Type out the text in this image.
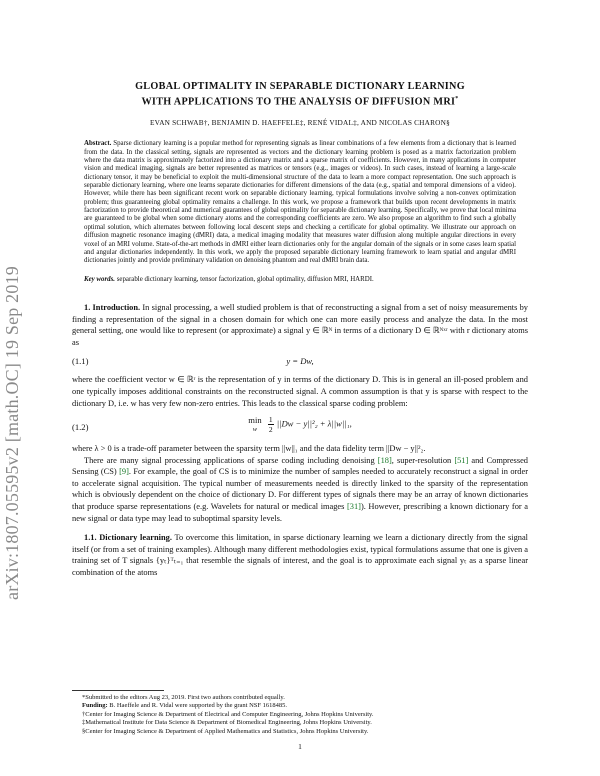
arXiv:1807.05595v2 [math.OC] 19 Sep 2019
GLOBAL OPTIMALITY IN SEPARABLE DICTIONARY LEARNING
WITH APPLICATIONS TO THE ANALYSIS OF DIFFUSION MRI*
EVAN SCHWAB†, BENJAMIN D. HAEFFELE‡, RENÉ VIDAL‡, AND NICOLAS CHARON§
Abstract. Sparse dictionary learning is a popular method for representing signals as linear combinations of a few elements from a dictionary that is learned from the data. In the classical setting, signals are represented as vectors and the dictionary learning problem is posed as a matrix factorization problem where the data matrix is approximately factorized into a dictionary matrix and a sparse matrix of coefficients. However, in many applications in computer vision and medical imaging, signals are better represented as matrices or tensors (e.g., images or videos). In such cases, instead of learning a large-scale dictionary tensor, it may be beneficial to exploit the multi-dimensional structure of the data to learn a more compact representation. One such approach is separable dictionary learning, where one learns separate dictionaries for different dimensions of the data (e.g., spatial and temporal dimensions of a video). However, while there has been significant recent work on separable dictionary learning, typical formulations involve solving a non-convex optimization problem; thus guaranteeing global optimality remains a challenge. In this work, we propose a framework that builds upon recent developments in matrix factorization to provide theoretical and numerical guarantees of global optimality for separable dictionary learning. Specifically, we prove that local minima are guaranteed to be global when some dictionary atoms and the corresponding coefficients are zero. We also propose an algorithm to find such a globally optimal solution, which alternates between following local descent steps and checking a certificate for global optimality. We illustrate our approach on diffusion magnetic resonance imaging (dMRI) data, a medical imaging modality that measures water diffusion along multiple angular directions in every voxel of an MRI volume. State-of-the-art methods in dMRI either learn dictionaries only for the angular domain of the signals or in some cases learn spatial and angular dictionaries independently. In this work, we apply the proposed separable dictionary learning framework to learn spatial and angular dMRI dictionaries jointly and provide preliminary validation on denoising phantom and real dMRI brain data.
Key words. separable dictionary learning, tensor factorization, global optimality, diffusion MRI, HARDI.
1. Introduction. In signal processing, a well studied problem is that of reconstructing a signal from a set of noisy measurements by finding a representation of the signal in a chosen domain for which one can more easily process and analyze the data. In the most general setting, one would like to represent (or approximate) a signal y ∈ ℝᴺ in terms of a dictionary D ∈ ℝᴺˣʳ with r dictionary atoms as
(1.1)	y = Dw,
where the coefficient vector w ∈ ℝʳ is the representation of y in terms of the dictionary D. This is in general an ill-posed problem and one typically imposes additional constraints on the reconstructed signal. A common assumption is that y is sparse with respect to the dictionary D, i.e. w has very few non-zero entries. This leads to the classical sparse coding problem:
(1.2)
min
w
	$\frac{1}{2} ||Dw - y||^2_2 + \lambda||w||_1$,
where λ > 0 is a trade-off parameter between the sparsity term ||w||₁ and the data fidelity term ||Dw − y||²₂.
There are many signal processing applications of sparse coding including denoising [18], super-resolution [51] and Compressed Sensing (CS) [9]. For example, the goal of CS is to minimize the number of samples needed to accurately reconstruct a signal in order to accelerate signal acquisition. The typical number of measurements needed is directly linked to the sparsity of the representation which is obviously dependent on the choice of dictionary D. For different types of signals there may be an array of known dictionaries that produce sparse representations (e.g. Wavelets for natural or medical images [31]). However, prescribing a known dictionary for a new signal or data type may lead to suboptimal sparsity levels.
1.1. Dictionary learning. To overcome this limitation, in sparse dictionary learning we learn a dictionary directly from the signal itself (or from a set of training examples). Although many different methodologies exist, typical formulations assume that one is given a training set of T signals {yₜ}ᵀₜ₌₁ that resemble the signals of interest, and the goal is to approximate each signal yₜ as a sparse linear combination of the atoms
*Submitted to the editors Aug 23, 2019. First two authors contributed equally.
Funding: B. Haeffele and R. Vidal were supported by the grant NSF 1618485.
†Center for Imaging Science & Department of Electrical and Computer Engineering, Johns Hopkins University.
‡Mathematical Institute for Data Science & Department of Biomedical Engineering, Johns Hopkins University.
§Center for Imaging Science & Department of Applied Mathematics and Statistics, Johns Hopkins University.
1
